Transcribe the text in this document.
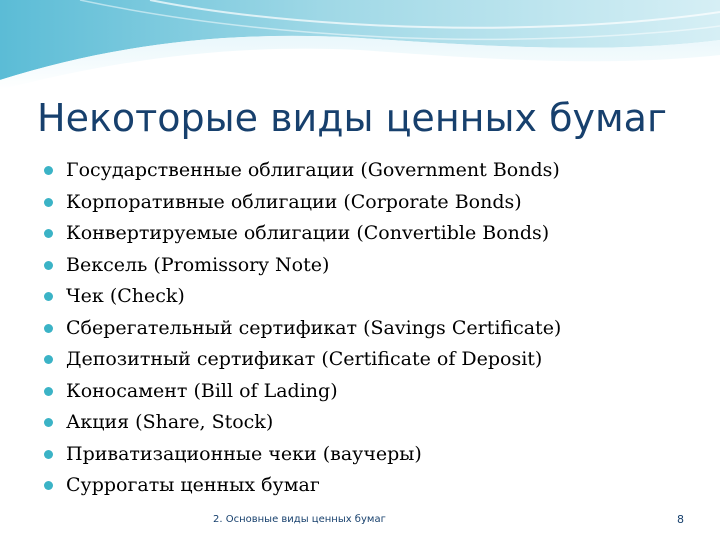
Некоторые виды ценных бумаг
Государственные облигации (Government Bonds)
Корпоративные облигации (Corporate Bonds)
Конвертируемые облигации (Convertible Bonds)
Вексель (Promissory Note)
Чек (Check)
Сберегательный сертификат (Savings Certificate)
Депозитный сертификат (Certificate of Deposit)
Коносамент (Bill of Lading)
Акция (Share, Stock)
Приватизационные чеки (ваучеры)
Суррогаты ценных бумаг
2. Основные виды ценных бумаг	8
